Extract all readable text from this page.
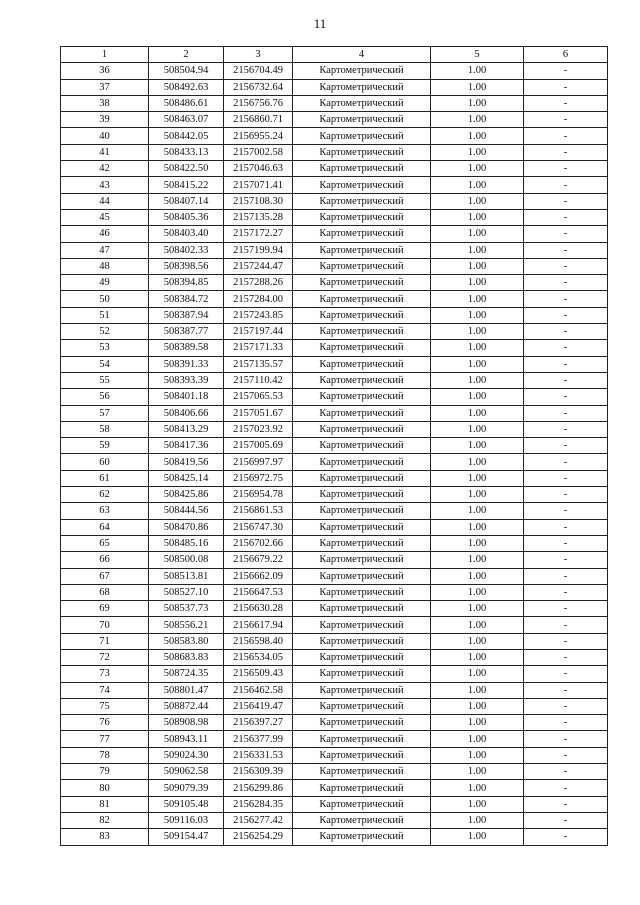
11
1	2	3	4	5	6
36	508504.94	2156704.49	Картометрический	1.00	-
37	508492.63	2156732.64	Картометрический	1.00	-
38	508486.61	2156756.76	Картометрический	1.00	-
39	508463.07	2156860.71	Картометрический	1.00	-
40	508442.05	2156955.24	Картометрический	1.00	-
41	508433.13	2157002.58	Картометрический	1.00	-
42	508422.50	2157046.63	Картометрический	1.00	-
43	508415.22	2157071.41	Картометрический	1.00	-
44	508407.14	2157108.30	Картометрический	1.00	-
45	508405.36	2157135.28	Картометрический	1.00	-
46	508403.40	2157172.27	Картометрический	1.00	-
47	508402.33	2157199.94	Картометрический	1.00	-
48	508398.56	2157244.47	Картометрический	1.00	-
49	508394.85	2157288.26	Картометрический	1.00	-
50	508384.72	2157284.00	Картометрический	1.00	-
51	508387.94	2157243.85	Картометрический	1.00	-
52	508387.77	2157197.44	Картометрический	1.00	-
53	508389.58	2157171.33	Картометрический	1.00	-
54	508391.33	2157135.57	Картометрический	1.00	-
55	508393.39	2157110.42	Картометрический	1.00	-
56	508401.18	2157065.53	Картометрический	1.00	-
57	508406.66	2157051.67	Картометрический	1.00	-
58	508413.29	2157023.92	Картометрический	1.00	-
59	508417.36	2157005.69	Картометрический	1.00	-
60	508419.56	2156997.97	Картометрический	1.00	-
61	508425.14	2156972.75	Картометрический	1.00	-
62	508425.86	2156954.78	Картометрический	1.00	-
63	508444.56	2156861.53	Картометрический	1.00	-
64	508470.86	2156747.30	Картометрический	1.00	-
65	508485.16	2156702.66	Картометрический	1.00	-
66	508500.08	2156679.22	Картометрический	1.00	-
67	508513.81	2156662.09	Картометрический	1.00	-
68	508527.10	2156647.53	Картометрический	1.00	-
69	508537.73	2156630.28	Картометрический	1.00	-
70	508556.21	2156617.94	Картометрический	1.00	-
71	508583.80	2156598.40	Картометрический	1.00	-
72	508683.83	2156534.05	Картометрический	1.00	-
73	508724.35	2156509.43	Картометрический	1.00	-
74	508801.47	2156462.58	Картометрический	1.00	-
75	508872.44	2156419.47	Картометрический	1.00	-
76	508908.98	2156397.27	Картометрический	1.00	-
77	508943.11	2156377.99	Картометрический	1.00	-
78	509024.30	2156331.53	Картометрический	1.00	-
79	509062.58	2156309.39	Картометрический	1.00	-
80	509079.39	2156299.86	Картометрический	1.00	-
81	509105.48	2156284.35	Картометрический	1.00	-
82	509116.03	2156277.42	Картометрический	1.00	-
83	509154.47	2156254.29	Картометрический	1.00	-
